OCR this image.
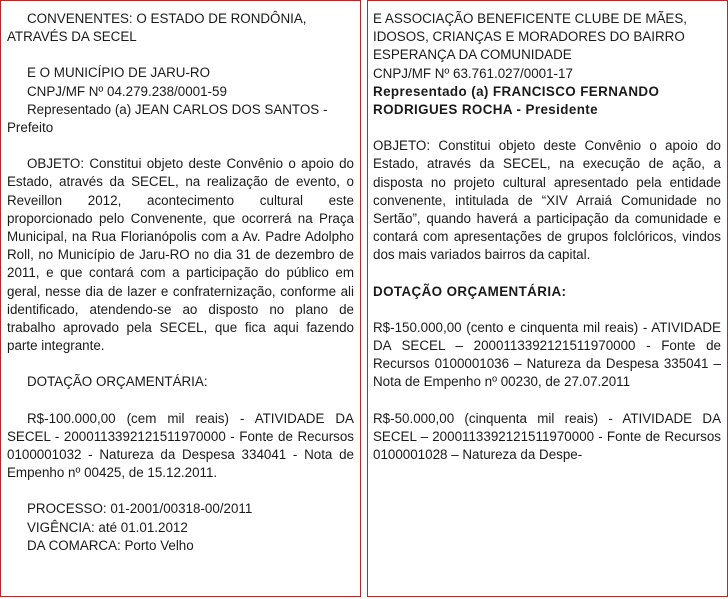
CONVENENTES: O ESTADO DE RONDÔNIA, ATRAVÉS DA SECEL

E O MUNICÍPIO DE JARU-RO

CNPJ/MF Nº 04.279.238/0001-59

Representado (a) JEAN CARLOS DOS SANTOS - Prefeito

OBJETO: Constitui objeto deste Convênio o apoio do Estado, através da SECEL, na realização de evento, o Reveillon 2012, acontecimento cultural este proporcionado pelo Convenente, que ocorrerá na Praça Municipal, na Rua Florianópolis com a Av. Padre Adolpho Roll, no Município de Jaru-RO no dia 31 de dezembro de 2011, e que contará com a participação do público em geral, nesse dia de lazer e confraternização, conforme ali identificado, atendendo-se ao disposto no plano de trabalho aprovado pela SECEL, que fica aqui fazendo parte integrante.

DOTAÇÃO ORÇAMENTÁRIA:

R$-100.000,00 (cem mil reais) - ATIVIDADE DA SECEL - 20001133921215119700​00 - Fonte de Recursos 0100001032 - Natureza da Despesa 334041 - Nota de Empenho nº 00425, de 15.12.2011.

PROCESSO: 01-2001/00318-00/2011

VIGÊNCIA: até 01.01.2012

DA COMARCA: Porto Velho

E ASSOCIAÇÃO BENEFICENTE CLUBE DE MÃES, IDOSOS, CRIANÇAS E MORADORES DO BAIRRO ESPERANÇA DA COMUNIDADE

CNPJ/MF Nº 63.761.027/0001-17

Representado (a) FRANCISCO FERNANDO RODRIGUES ROCHA - Presidente

OBJETO: Constitui objeto deste Convênio o apoio do Estado, através da SECEL, na execução de ação, a disposta no projeto cultural apresentado pela entidade convenente, intitulada de “XIV Arraiá Comunidade no Sertão”, quando haverá a participação da comunidade e contará com apresentações de grupos folclóricos, vindos dos mais variados bairros da capital.

DOTAÇÃO ORÇAMENTÁRIA:

R$-150.000,00 (cento e cinquenta mil reais) - ATIVIDADE DA SECEL – 20001133921215119700​00 - Fonte de Recursos 0100001036 – Natureza da Despesa 335041 – Nota de Empenho nº 00230, de 27.07.2011

R$-50.000,00 (cinquenta mil reais) - ATIVIDADE DA SECEL – 20001133921215119700​00 - Fonte de Recursos 0100001028 – Natureza da Despe-
